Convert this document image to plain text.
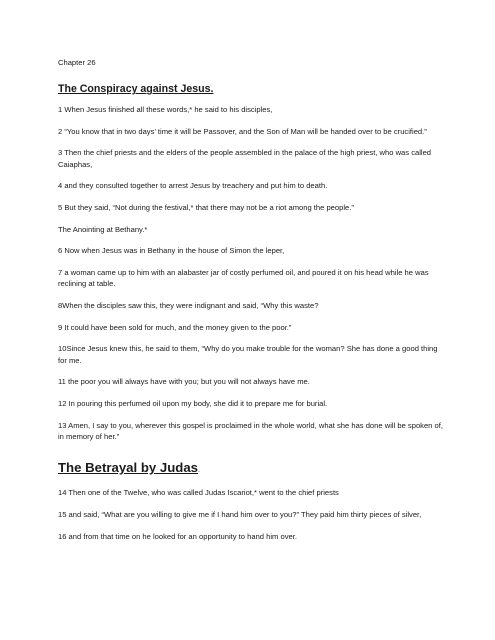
Chapter 26

The Conspiracy against Jesus.

1 When Jesus finished all these words,* he said to his disciples,

2 “You know that in two days’ time it will be Passover, and the Son of Man will be handed over to be crucified.”

3 Then the chief priests and the elders of the people assembled in the palace of the high priest, who was called Caiaphas,

4 and they consulted together to arrest Jesus by treachery and put him to death.

5 But they said, “Not during the festival,* that there may not be a riot among the people.”

The Anointing at Bethany.*

6 Now when Jesus was in Bethany in the house of Simon the leper,

7 a woman came up to him with an alabaster jar of costly perfumed oil, and poured it on his head while he was reclining at table.

8When the disciples saw this, they were indignant and said, “Why this waste?

9 It could have been sold for much, and the money given to the poor.”

10Since Jesus knew this, he said to them, “Why do you make trouble for the woman? She has done a good thing for me.

11 the poor you will always have with you; but you will not always have me.

12 In pouring this perfumed oil upon my body, she did it to prepare me for burial.

13 Amen, I say to you, wherever this gospel is proclaimed in the whole world, what she has done will be spoken of, in memory of her.”

The Betrayal by Judas.

14 Then one of the Twelve, who was called Judas Iscariot,* went to the chief priests

15 and said, “What are you willing to give me if I hand him over to you?” They paid him thirty pieces of silver,

16 and from that time on he looked for an opportunity to hand him over.
